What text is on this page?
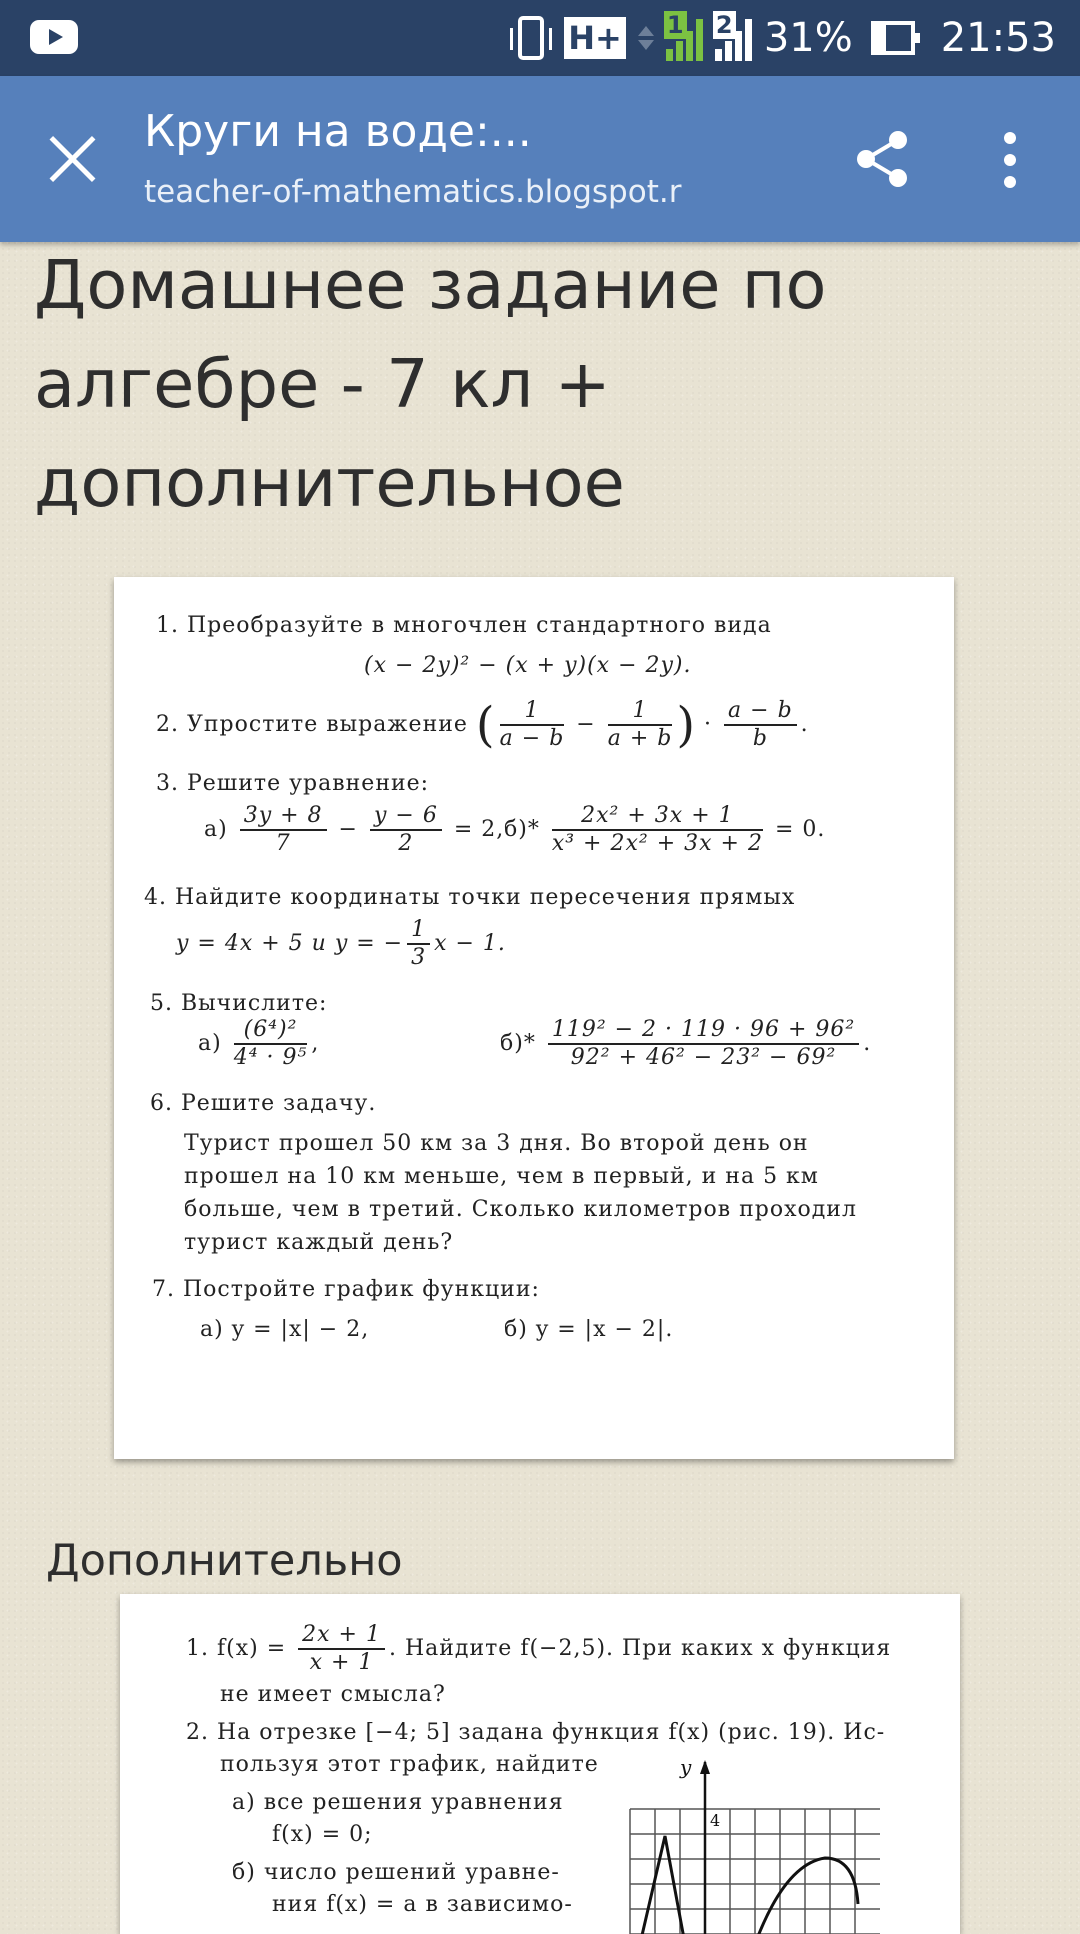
H+ 1 2 31% 21:53
Круги на воде:...
teacher-of-mathematics.blogspot.r
Домашнее задание по алгебре - 7 кл + дополнительное
1. Преобразуйте в многочлен стандартного вида
(x − 2y)² − (x + y)(x − 2y).
2. Упростите выражение ( $\frac{1}{a - b} - \frac{1}{a + b}$ ) · $\frac{a - b}{b}$ .
3. Решите уравнение:
$а) \frac{3y + 8}{7} - \frac{y - 6}{2} = 2$, $б)* \frac{\text{2x² + 3x + 1}}{\text{x³ + 2x² + 3x + 2}} = 0$.
4. Найдите координаты точки пересечения прямых
y = 4x + 5 и y = − $\frac{1}{3}$ x − 1.
5. Вычислите:
$а) \frac{\text{(6⁴)²}}{\text{4⁴ · 9⁵}}$ ,	$б)* \frac{\text{119² − 2 · 119 · 96 + 96²}}{\text{92² + 46² − 23² − 69²}}$ .
6. Решите задачу.
Турист прошел 50 км за 3 дня. Во второй день он
прошел на 10 км меньше, чем в первый, и на 5 км
больше, чем в третий. Сколько километров проходил
турист каждый день?
7. Постройте график функции:
а) y = |x| − 2,	б) y = |x − 2|.
Дополнительно
1. $f(x) = \frac{2x + 1}{x + 1}$ . Найдите f(−2,5). При каких x функция
не имеет смысла?
2. На отрезке [−4; 5] задана функция f(x) (рис. 19). Ис-
пользуя этот график, найдите
а) все решения уравнения
f(x) = 0;
б) число решений уравне-
ния f(x) = a в зависимо-
y
4
